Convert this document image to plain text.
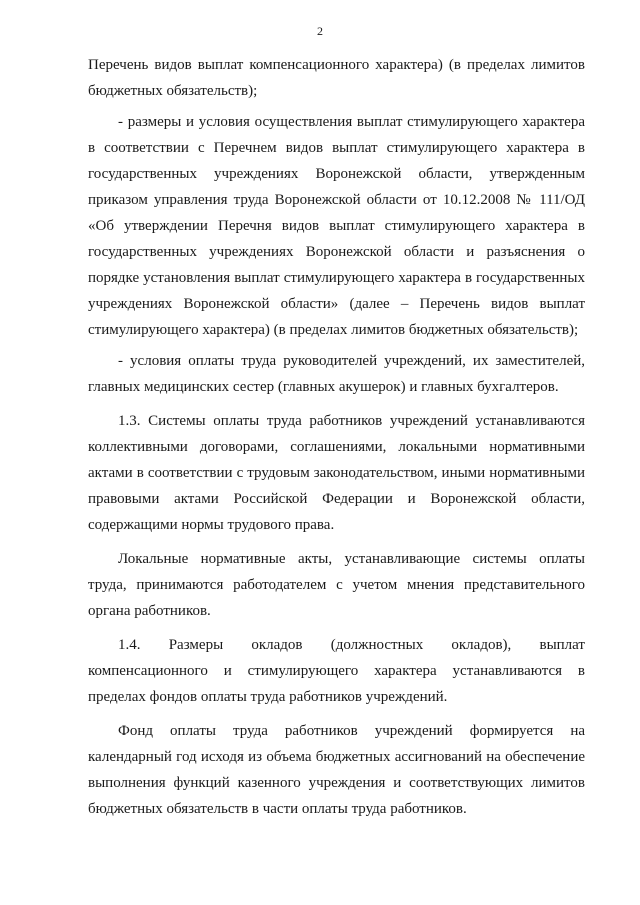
2
Перечень видов выплат компенсационного характера) (в пределах лимитов
бюджетных обязательств);
- размеры и условия осуществления выплат стимулирующего характера
в соответствии с Перечнем видов выплат стимулирующего характера в
государственных учреждениях Воронежской области, утвержденным
приказом управления труда Воронежской области от 10.12.2008 № 111/ОД
«Об утверждении Перечня видов выплат стимулирующего характера в
государственных учреждениях Воронежской области и разъяснения о
порядке установления выплат стимулирующего характера в государственных
учреждениях Воронежской области» (далее – Перечень видов выплат
стимулирующего характера) (в пределах лимитов бюджетных обязательств);
- условия оплаты труда руководителей учреждений, их заместителей,
главных медицинских сестер (главных акушерок) и главных бухгалтеров.
1.3. Системы оплаты труда работников учреждений устанавливаются
коллективными договорами, соглашениями, локальными нормативными
актами в соответствии с трудовым законодательством, иными нормативными
правовыми актами Российской Федерации и Воронежской области,
содержащими нормы трудового права.
Локальные нормативные акты, устанавливающие системы оплаты
труда, принимаются работодателем с учетом мнения представительного
органа работников.
1.4. Размеры окладов (должностных окладов), выплат
компенсационного и стимулирующего характера устанавливаются в
пределах фондов оплаты труда работников учреждений.
Фонд оплаты труда работников учреждений формируется на
календарный год исходя из объема бюджетных ассигнований на обеспечение
выполнения функций казенного учреждения и соответствующих лимитов
бюджетных обязательств в части оплаты труда работников.
